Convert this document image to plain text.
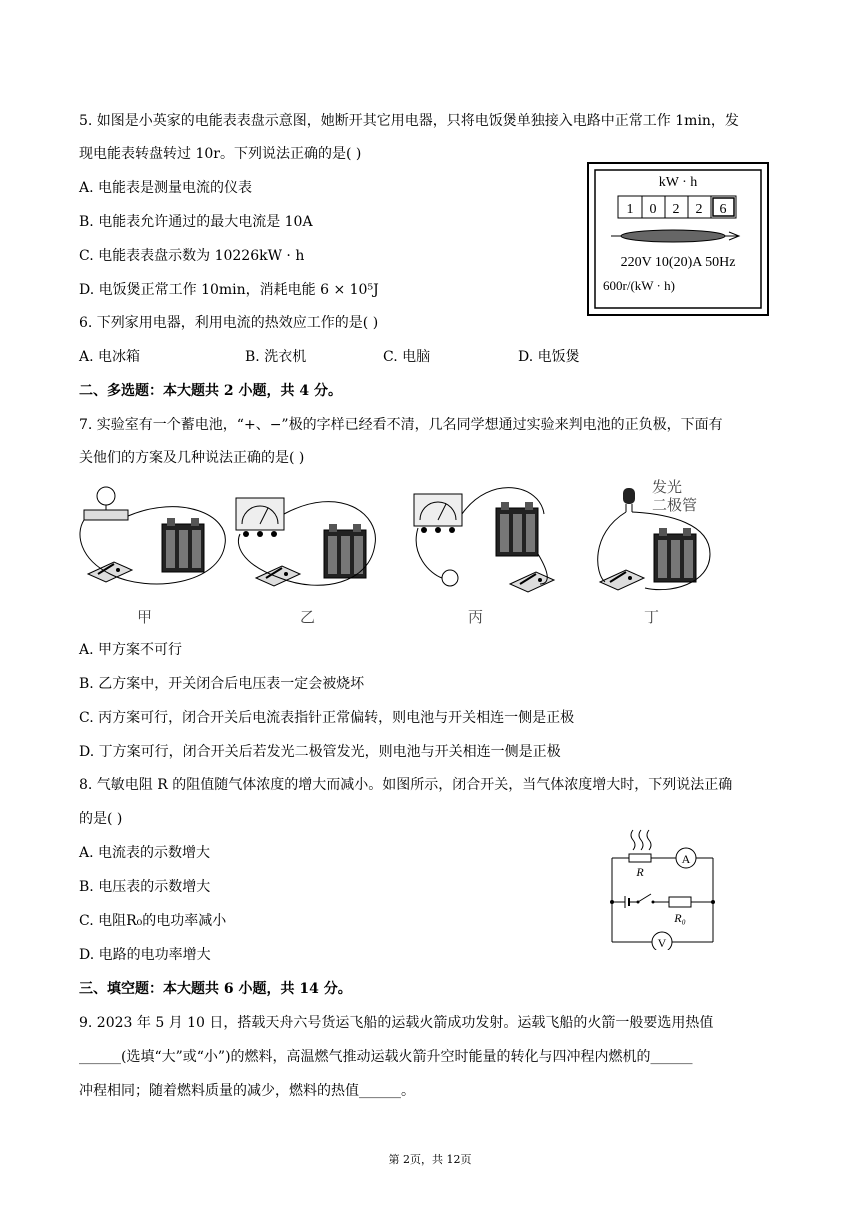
5. 如图是小英家的电能表表盘示意图，她断开其它用电器，只将电饭煲单独接入电路中正常工作 1min，发
现电能表转盘转过 10r。下列说法正确的是( )
A. 电能表是测量电流的仪表
B. 电能表允许通过的最大电流是 10A
C. 电能表表盘示数为 10226kW · h
D. 电饭煲正常工作 10min，消耗电能 6 × 10⁵J
kW · h
1 0 2 2 6
220V 10(20)A 50Hz
600r/(kW · h)
6. 下列家用电器，利用电流的热效应工作的是( )
A. 电冰箱	B. 洗衣机	C. 电脑	D. 电饭煲
二、多选题：本大题共 2 小题，共 4 分。
7. 实验室有一个蓄电池，“+、−”极的字样已经看不清，几名同学想通过实验来判电池的正负极，下面有
关他们的方案及几种说法正确的是( )
发光
二极管
甲	乙	丙	丁
A. 甲方案不可行
B. 乙方案中，开关闭合后电压表一定会被烧坏
C. 丙方案可行，闭合开关后电流表指针正常偏转，则电池与开关相连一侧是正极
D. 丁方案可行，闭合开关后若发光二极管发光，则电池与开关相连一侧是正极
8. 气敏电阻 R 的阻值随气体浓度的增大而减小。如图所示，闭合开关，当气体浓度增大时，下列说法正确
的是( )
A. 电流表的示数增大
B. 电压表的示数增大
C. 电阻R₀的电功率减小
D. 电路的电功率增大
R
A
R₀
V
三、填空题：本大题共 6 小题，共 14 分。
9. 2023 年 5 月 10 日，搭载天舟六号货运飞船的运载火箭成功发射。运载飞船的火箭一般要选用热值
______(选填“大”或“小”)的燃料，高温燃气推动运载火箭升空时能量的转化与四冲程内燃机的______
冲程相同；随着燃料质量的减少，燃料的热值______。
第 2页，共 12页
